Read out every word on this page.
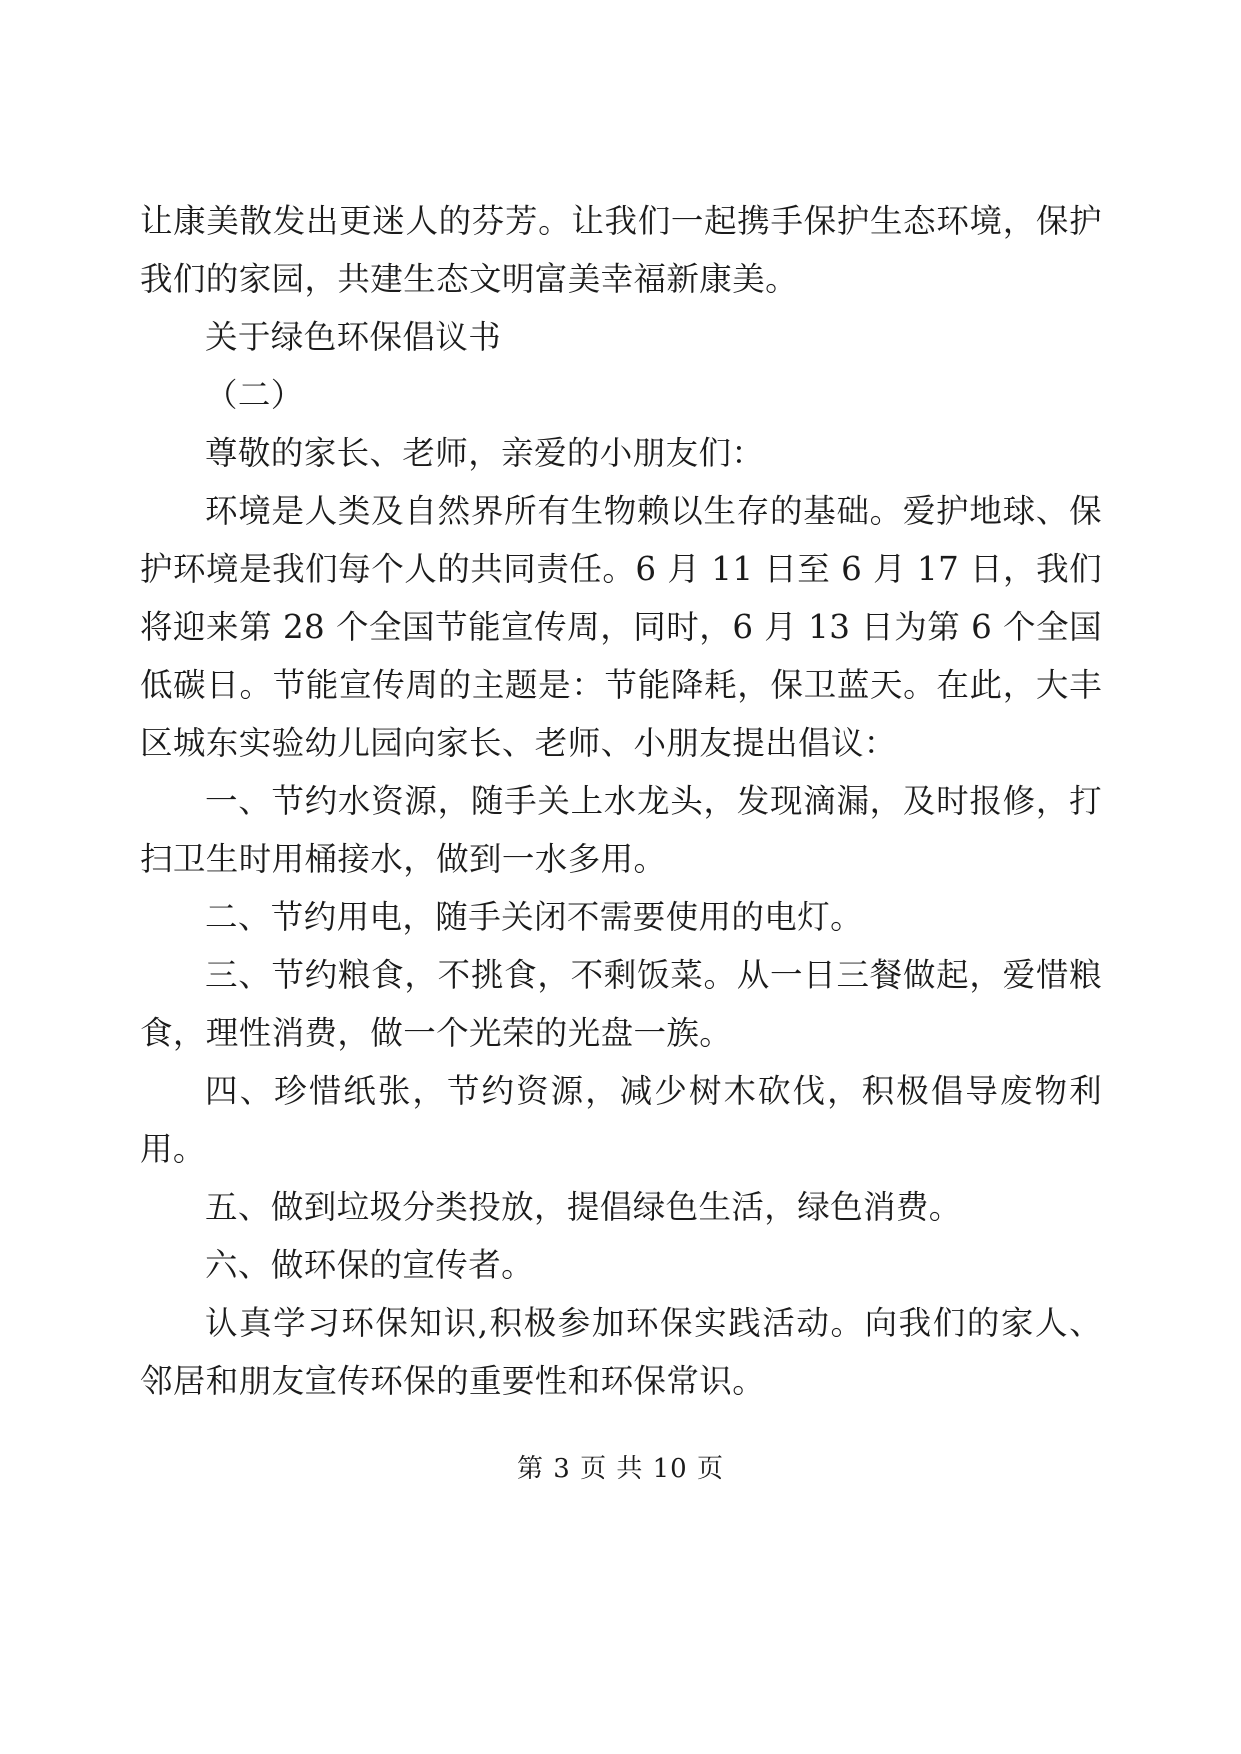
让康美散发出更迷人的芬芳。让我们一起携手保护生态环境，保护我们的家园，共建生态文明富美幸福新康美。

关于绿色环保倡议书

（二）

尊敬的家长、老师，亲爱的小朋友们：

环境是人类及自然界所有生物赖以生存的基础。爱护地球、保护环境是我们每个人的共同责任。6 月 11 日至 6 月 17 日，我们将迎来第 28 个全国节能宣传周，同时，6 月 13 日为第 6 个全国低碳日。节能宣传周的主题是：节能降耗，保卫蓝天。在此，大丰区城东实验幼儿园向家长、老师、小朋友提出倡议：

一、节约水资源，随手关上水龙头，发现滴漏，及时报修，打扫卫生时用桶接水，做到一水多用。

二、节约用电，随手关闭不需要使用的电灯。

三、节约粮食，不挑食，不剩饭菜。从一日三餐做起，爱惜粮食，理性消费，做一个光荣的光盘一族。

四、珍惜纸张，节约资源，减少树木砍伐，积极倡导废物利用。

五、做到垃圾分类投放，提倡绿色生活，绿色消费。

六、做环保的宣传者。

认真学习环保知识,积极参加环保实践活动。向我们的家人、邻居和朋友宣传环保的重要性和环保常识。

第 3 页 共 10 页
